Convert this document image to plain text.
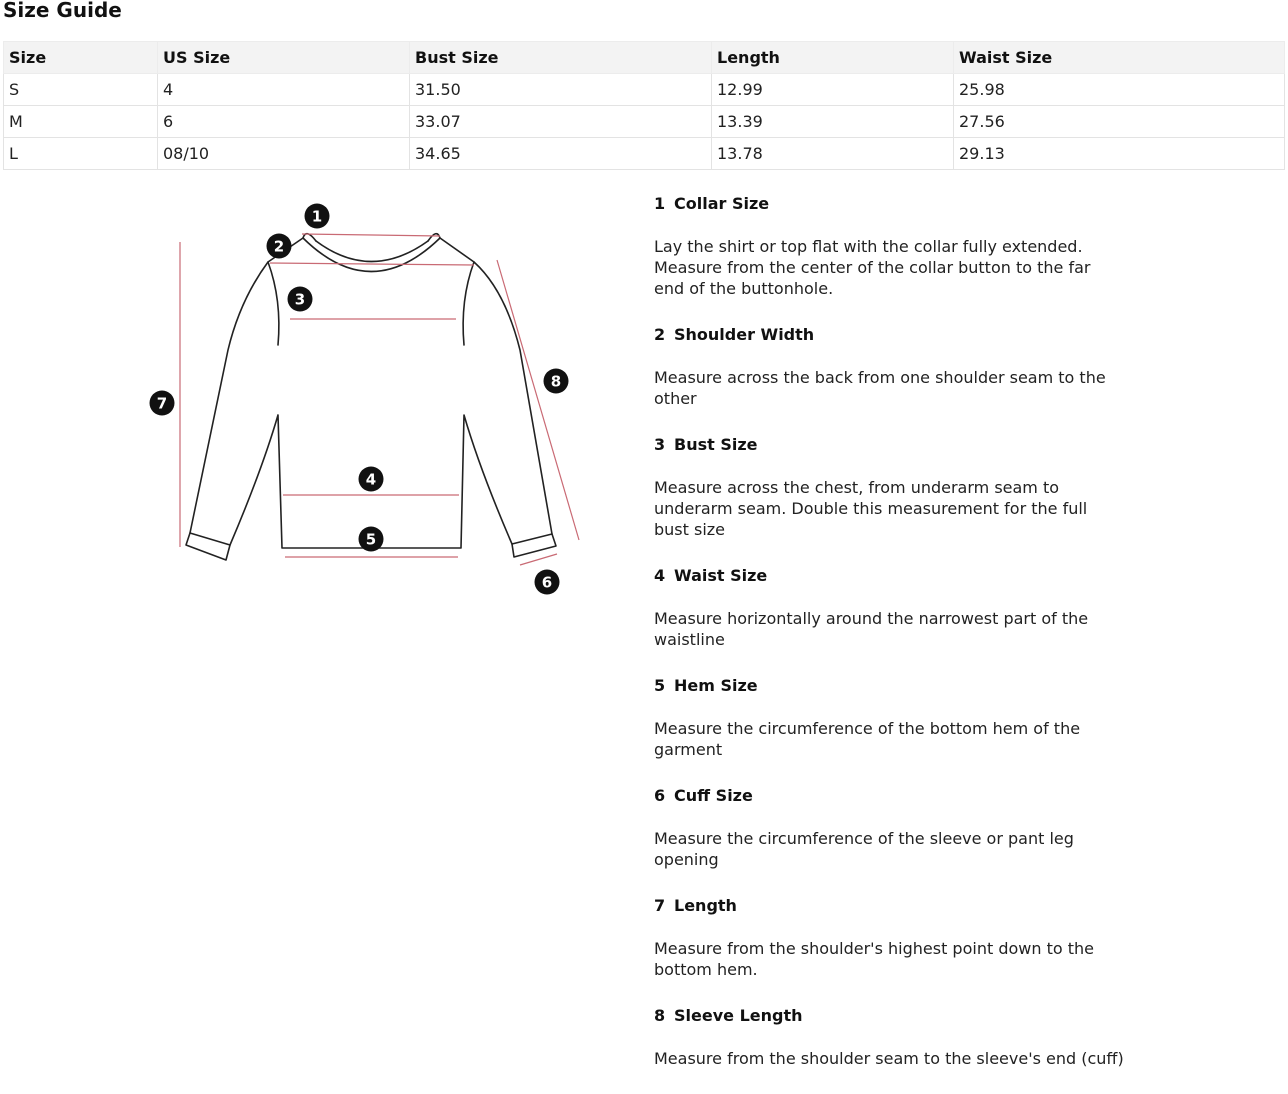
Size Guide
Size	US Size	Bust Size	Length	Waist Size
S	4	31.50	12.99	25.98
M	6	33.07	13.39	27.56
L	08/10	34.65	13.78	29.13
1
2
3
4
5
6
7
8
1 Collar Size

Lay the shirt or top flat with the collar fully extended. Measure from the center of the collar button to the far end of the buttonhole.

2 Shoulder Width

Measure across the back from one shoulder seam to the other

3 Bust Size

Measure across the chest, from underarm seam to underarm seam. Double this measurement for the full bust size

4 Waist Size

Measure horizontally around the narrowest part of the waistline

5 Hem Size

Measure the circumference of the bottom hem of the garment

6 Cuff Size

Measure the circumference of the sleeve or pant leg opening

7 Length

Measure from the shoulder's highest point down to the bottom hem.

8 Sleeve Length

Measure from the shoulder seam to the sleeve's end (cuff)
